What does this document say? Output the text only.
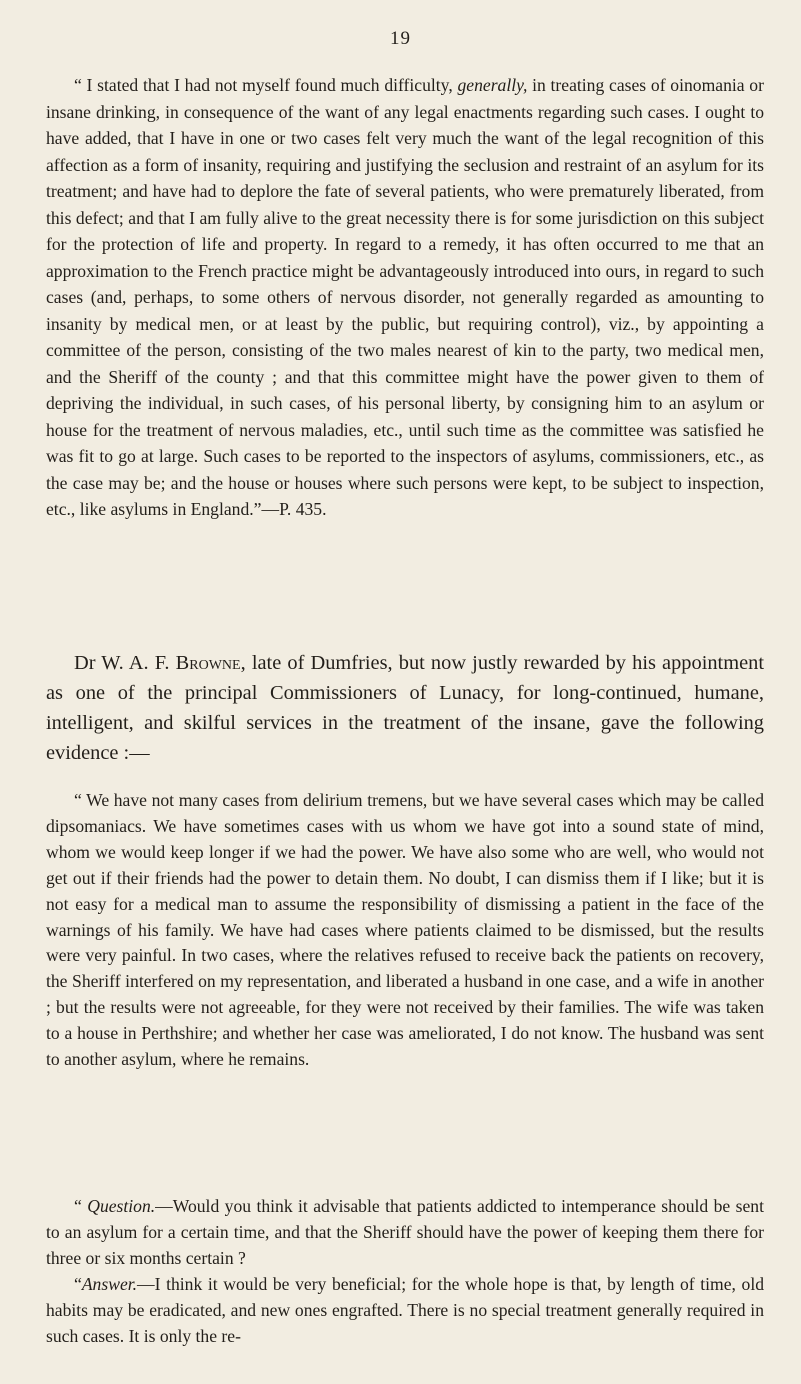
19

“ I stated that I had not myself found much difficulty, generally, in treating cases of oinomania or insane drinking, in consequence of the want of any legal enactments regarding such cases. I ought to have added, that I have in one or two cases felt very much the want of the legal recognition of this affection as a form of insanity, requiring and justifying the seclusion and restraint of an asylum for its treatment; and have had to deplore the fate of several patients, who were prematurely liberated, from this defect; and that I am fully alive to the great necessity there is for some jurisdiction on this subject for the protection of life and property. In regard to a remedy, it has often occurred to me that an approximation to the French practice might be advantageously introduced into ours, in regard to such cases (and, perhaps, to some others of nervous disorder, not generally regarded as amounting to insanity by medical men, or at least by the public, but requiring control), viz., by appointing a committee of the person, consisting of the two males nearest of kin to the party, two medical men, and the Sheriff of the county ; and that this committee might have the power given to them of depriving the individual, in such cases, of his personal liberty, by consigning him to an asylum or house for the treatment of nervous maladies, etc., until such time as the committee was satisfied he was fit to go at large. Such cases to be reported to the inspectors of asylums, commissioners, etc., as the case may be; and the house or houses where such persons were kept, to be subject to inspection, etc., like asylums in England.”—P. 435.

Dr W. A. F. Browne, late of Dumfries, but now justly rewarded by his appointment as one of the principal Commissioners of Lunacy, for long-continued, humane, intelligent, and skilful services in the treatment of the insane, gave the following evidence :—

“ We have not many cases from delirium tremens, but we have several cases which may be called dipsomaniacs. We have sometimes cases with us whom we have got into a sound state of mind, whom we would keep longer if we had the power. We have also some who are well, who would not get out if their friends had the power to detain them. No doubt, I can dismiss them if I like; but it is not easy for a medical man to assume the responsibility of dismissing a patient in the face of the warnings of his family. We have had cases where patients claimed to be dismissed, but the results were very painful. In two cases, where the relatives refused to receive back the patients on recovery, the Sheriff interfered on my representation, and liberated a husband in one case, and a wife in another ; but the results were not agreeable, for they were not received by their families. The wife was taken to a house in Perthshire; and whether her case was ameliorated, I do not know. The husband was sent to another asylum, where he remains.

“ Question.—Would you think it advisable that patients addicted to intemperance should be sent to an asylum for a certain time, and that the Sheriff should have the power of keeping them there for three or six months certain ?

“Answer.—I think it would be very beneficial; for the whole hope is that, by length of time, old habits may be eradicated, and new ones engrafted. There is no special treatment generally required in such cases. It is only the re-
